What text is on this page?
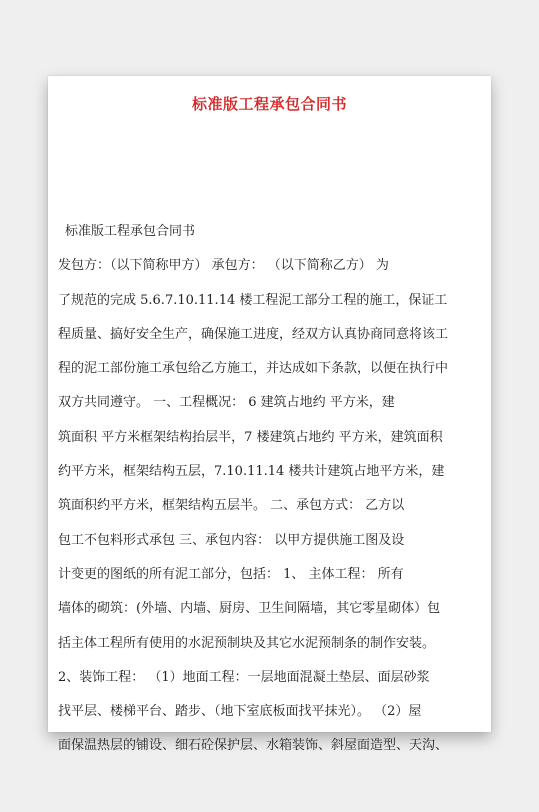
标准版工程承包合同书
标准版工程承包合同书
发包方：（以下简称甲方） 承包方： （以下简称乙方） 为
了规范的完成 5.6.7.10.11.14 楼工程泥工部分工程的施工，保证工
程质量、搞好安全生产，确保施工进度，经双方认真协商同意将该工
程的泥工部份施工承包给乙方施工，并达成如下条款，以便在执行中
双方共同遵守。 一、工程概况： 6 建筑占地约 平方米，建
筑面积 平方米框架结构抬层半，7 楼建筑占地约 平方米，建筑面积
约平方米，框架结构五层，7.10.11.14 楼共计建筑占地平方米，建
筑面积约平方米，框架结构五层半。 二、承包方式： 乙方以
包工不包料形式承包 三、承包内容： 以甲方提供施工图及设
计变更的图纸的所有泥工部分，包括： 1、 主体工程： 所有
墙体的砌筑：(外墙、内墙、厨房、卫生间隔墙，其它零星砌体）包
括主体工程所有使用的水泥预制块及其它水泥预制条的制作安装。
2、装饰工程： （1）地面工程：一层地面混凝土垫层、面层砂浆
找平层、楼梯平台、踏步、（地下室底板面找平抹光）。 （2）屋
面保温热层的铺设、细石砼保护层、水箱装饰、斜屋面造型、天沟、
